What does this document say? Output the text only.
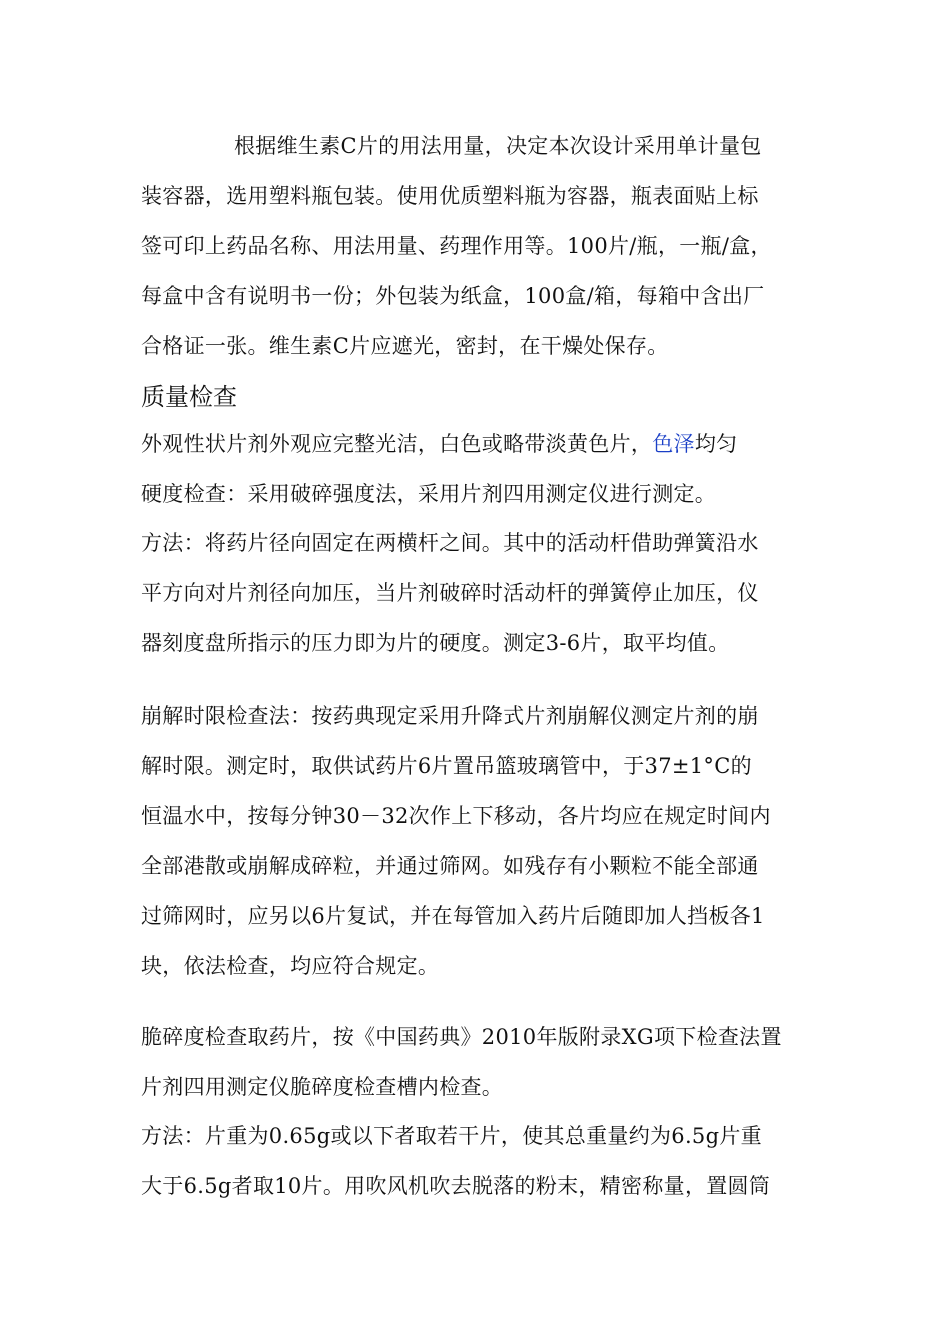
根据维生素C片的用法用量，决定本次设计采用单计量包
装容器，选用塑料瓶包装。使用优质塑料瓶为容器，瓶表面贴上标
签可印上药品名称、用法用量、药理作用等。100片/瓶，一瓶/盒，
每盒中含有说明书一份；外包装为纸盒，100盒/箱，每箱中含出厂
合格证一张。维生素C片应遮光，密封，在干燥处保存。
质量检查
外观性状片剂外观应完整光洁，白色或略带淡黄色片，色泽均匀
硬度检查：采用破碎强度法，采用片剂四用测定仪进行测定。
方法：将药片径向固定在两横杆之间。其中的活动杆借助弹簧沿水
平方向对片剂径向加压，当片剂破碎时活动杆的弹簧停止加压，仪
器刻度盘所指示的压力即为片的硬度。测定3-6片，取平均值。
崩解时限检查法：按药典现定采用升降式片剂崩解仪测定片剂的崩
解时限。测定时，取供试药片6片置吊篮玻璃管中，于37±1°C的
恒温水中，按每分钟30－32次作上下移动，各片均应在规定时间内
全部港散或崩解成碎粒，并通过筛网。如残存有小颗粒不能全部通
过筛网时，应另以6片复试，并在每管加入药片后随即加人挡板各1
块，依法检查，均应符合规定。
脆碎度检查取药片，按《中国药典》2010年版附录XG项下检查法置
片剂四用测定仪脆碎度检查槽内检查。
方法：片重为0.65g或以下者取若干片，使其总重量约为6.5g片重
大于6.5g者取10片。用吹风机吹去脱落的粉末，精密称量，置圆筒
